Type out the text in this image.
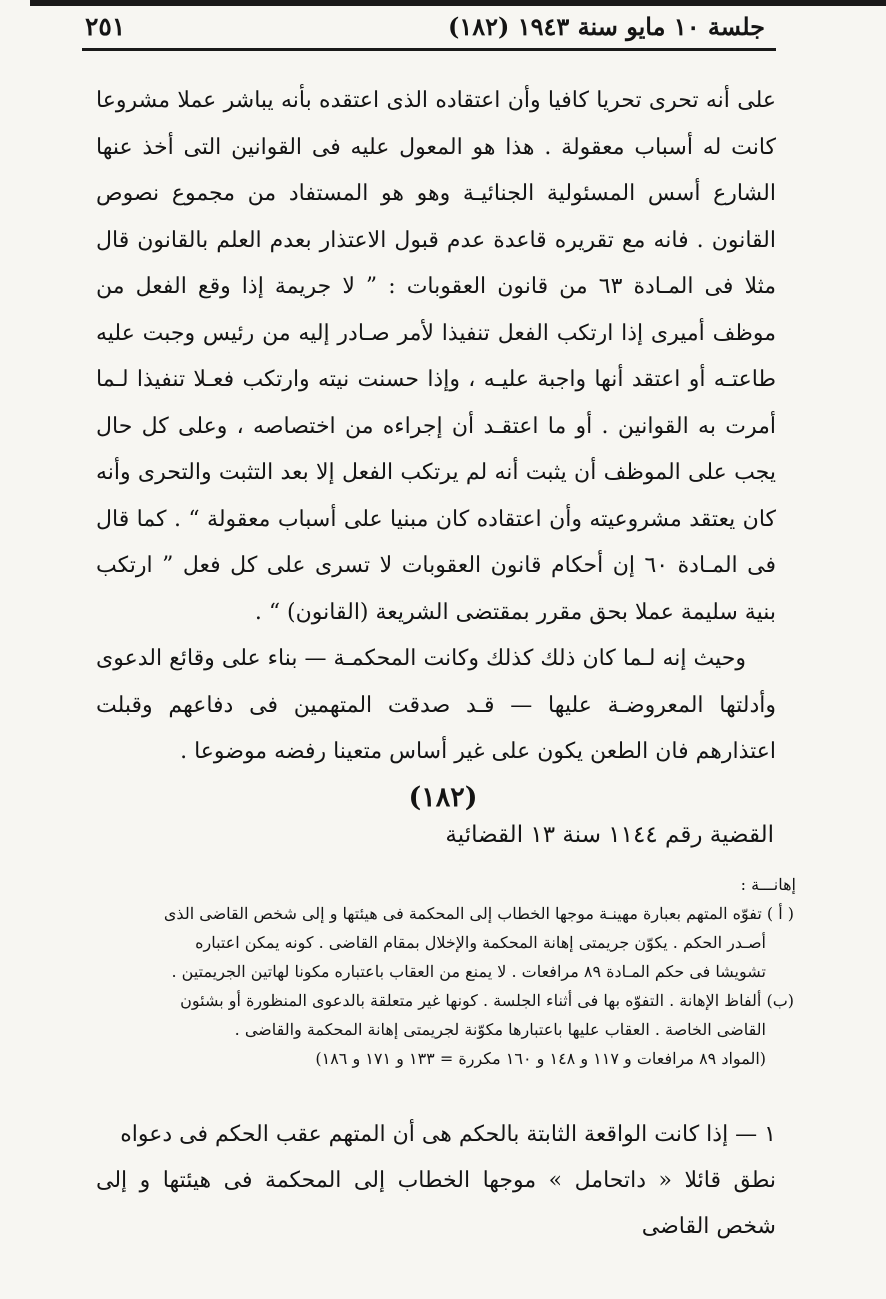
جلسة ١٠ مايو سنة ١٩٤٣ (١٨٢)
٢٥١

على أنه تحرى تحريا كافيا وأن اعتقاده الذى اعتقده بأنه يباشر عملا مشروعا كانت له أسباب معقولة . هذا هو المعول عليه فى القوانين التى أخذ عنها الشارع أسس المسئولية الجنائيـة وهو هو المستفاد من مجموع نصوص القانون . فانه مع تقريره قاعدة عدم قبول الاعتذار بعدم العلم بالقانون قال مثلا فى المـادة ٦٣ من قانون العقوبات : ” لا جريمة إذا وقع الفعل من موظف أميرى إذا ارتكب الفعل تنفيذا لأمر صـادر إليه من رئيس وجبت عليه طاعتـه أو اعتقد أنها واجبة عليـه ، وإذا حسنت نيته وارتكب فعـلا تنفيذا لـما أمرت به القوانين . أو ما اعتقـد أن إجراءه من اختصاصه ، وعلى كل حال يجب على الموظف أن يثبت أنه لم يرتكب الفعل إلا بعد التثبت والتحرى وأنه كان يعتقد مشروعيته وأن اعتقاده كان مبنيا على أسباب معقولة “ . كما قال فى المـادة ٦٠ إن أحكام قانون العقوبات لا تسرى على كل فعل ” ارتكب بنية سليمة عملا بحق مقرر بمقتضى الشريعة (القانون) “ .

وحيث إنه لـما كان ذلك كذلك وكانت المحكمـة — بناء على وقائع الدعوى وأدلتها المعروضـة عليها — قـد صدقت المتهمين فى دفاعهم وقبلت اعتذارهم فان الطعن يكون على غير أساس متعينا رفضه موضوعا .

(١٨٢)
القضية رقم ١١٤٤ سنة ١٣ القضائية

إهانـــة :

( أ ) تفوّه المتهم بعبارة مهينـة موجها الخطاب إلى المحكمة فى هيئتها و إلى شخص القاضى الذى

أصـدر الحكم . يكوّن جريمتى إهانة المحكمة والإخلال بمقام القاضى . كونه يمكن اعتباره

تشويشا فى حكم المـادة ٨٩ مرافعات . لا يمنع من العقاب باعتباره مكونا لهاتين الجريمتين .

(ب) ألفاظ الإهانة . التفوّه بها فى أثناء الجلسة . كونها غير متعلقة بالدعوى المنظورة أو بشئون

القاضى الخاصة . العقاب عليها باعتبارها مكوّنة لجريمتى إهانة المحكمة والقاضى .

(المواد ٨٩ مرافعات و ١١٧ و ١٤٨ و ١٦٠ مكررة = ١٣٣ و ١٧١ و ١٨٦)

١ — إذا كانت الواقعة الثابتة بالحكم هى أن المتهم عقب الحكم فى دعواه

نطق قائلا « داتحامل » موجها الخطاب إلى المحكمة فى هيئتها و إلى شخص القاضى
